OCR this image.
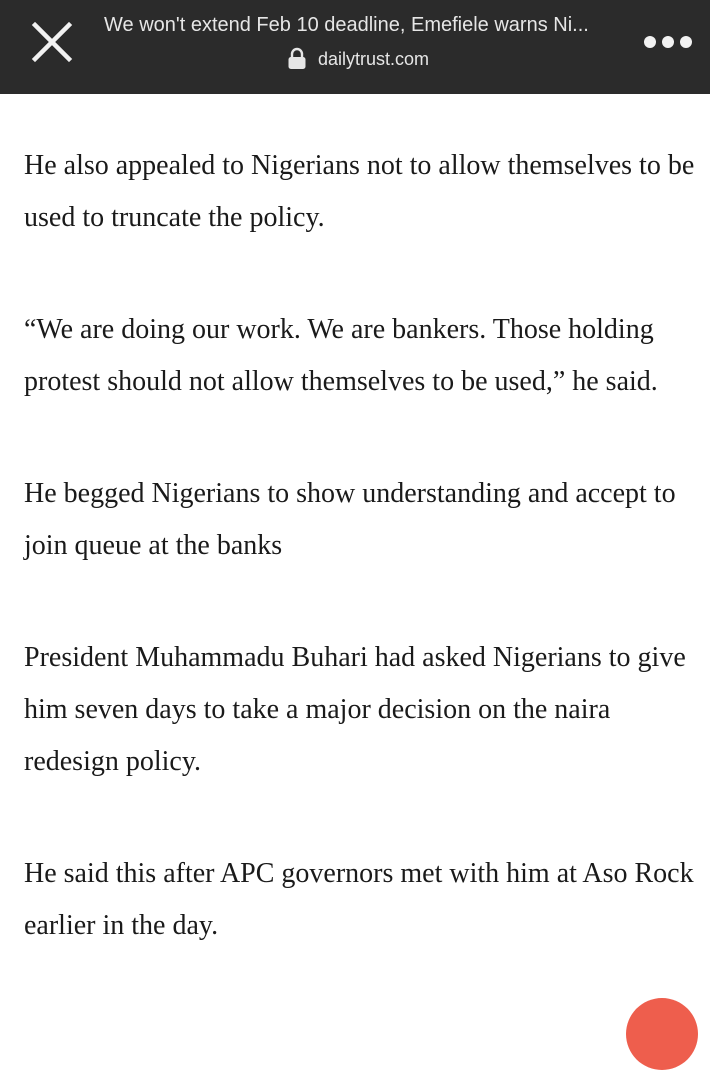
We won't extend Feb 10 deadline, Emefiele warns Ni...
dailytrust.com

He also appealed to Nigerians not to allow themselves to be used to truncate the policy.

“We are doing our work. We are bankers. Those holding protest should not allow themselves to be used,” he said.

He begged Nigerians to show understanding and accept to join queue at the banks

President Muhammadu Buhari had asked Nigerians to give him seven days to take a major decision on the naira redesign policy.

He said this after APC governors met with him at Aso Rock earlier in the day.
